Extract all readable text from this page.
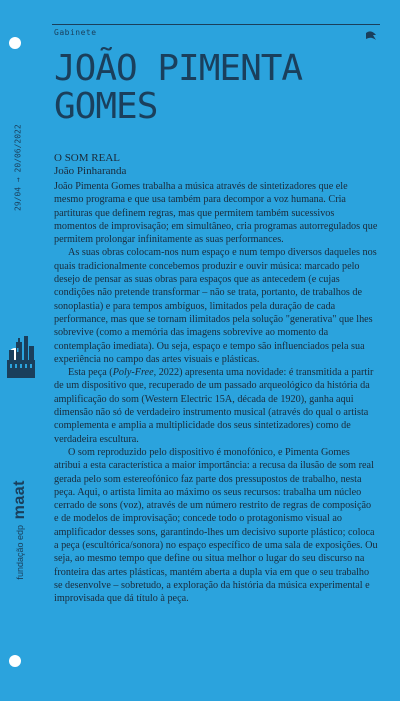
Gabinete
JOÃO PIMENTA
GOMES
29/04 → 20/06/2022
maat
fundação edp
O SOM REAL
João Pinharanda

João Pimenta Gomes trabalha a música através de sintetizadores que ele mesmo programa e que usa também para decompor a voz humana. Cria partituras que definem regras, mas que permitem também sucessivos momentos de improvisação; em simultâneo, cria programas autorregulados que permitem prolongar infinitamente as suas performances.

As suas obras colocam-nos num espaço e num tempo diversos daqueles nos quais tradicionalmente concebemos produzir e ouvir música: marcado pelo desejo de pensar as suas obras para espaços que as antecedem (e cujas condições não pretende transformar – não se trata, portanto, de trabalhos de sonoplastia) e para tempos ambíguos, limitados pela duração de cada performance, mas que se tornam ilimitados pela solução "generativa" que lhes sobrevive (como a memória das imagens sobrevive ao momento da contemplação imediata). Ou seja, espaço e tempo são influenciados pela sua experiência no campo das artes visuais e plásticas.

Esta peça (Poly-Free, 2022) apresenta uma novidade: é transmitida a partir de um dispositivo que, recuperado de um passado arqueológico da história da amplificação do som (Western Electric 15A, década de 1920), ganha aqui dimensão não só de verdadeiro instrumento musical (através do qual o artista complementa e amplia a multiplicidade dos seus sintetizadores) como de verdadeira escultura.

O som reproduzido pelo dispositivo é monofónico, e Pimenta Gomes atribui a esta característica a maior importância: a recusa da ilusão de som real gerada pelo som estereofónico faz parte dos pressupostos de trabalho, nesta peça. Aqui, o artista limita ao máximo os seus recursos: trabalha um núcleo cerrado de sons (voz), através de um número restrito de regras de composição e de modelos de improvisação; concede todo o protagonismo visual ao amplificador desses sons, garantindo-lhes um decisivo suporte plástico; coloca a peça (escultórica/sonora) no espaço específico de uma sala de exposições. Ou seja, ao mesmo tempo que define ou situa melhor o lugar do seu discurso na fronteira das artes plásticas, mantém aberta a dupla via em que o seu trabalho se desenvolve – sobretudo, a exploração da história da música experimental e improvisada que dá título à peça.
